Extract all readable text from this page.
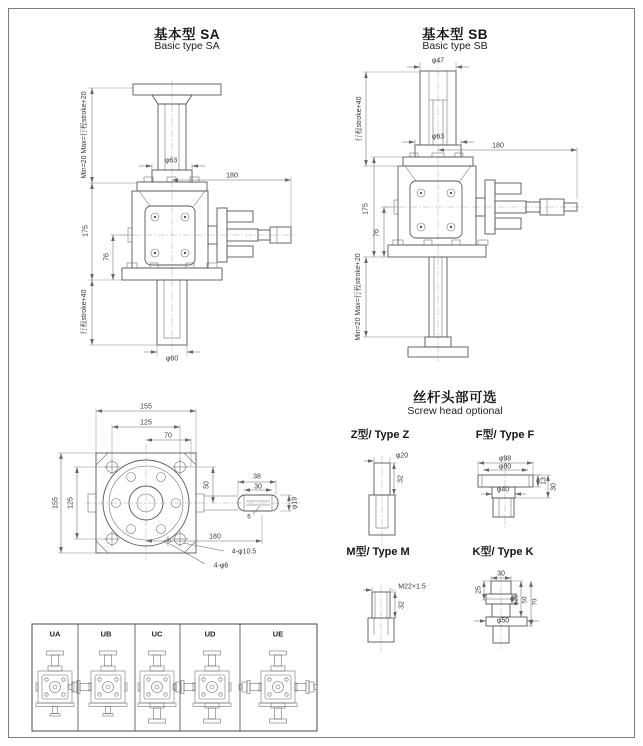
基本型 SA
Basic type SA
Min=20 Max=行程stroke+20	φ63
180
175
76
行程stroke+40
φ60
基本型 SB
Basic type SB
φ47
行程stroke+40	φ63
180
175
76
Min=20 Max=行程stroke+20
155
125
70
155 125
50
38
30
φ19
6
180
4-φ10.5
4-φ6
丝杆头部可选
Screw head optional
Z型/ Type Z	F型/ Type F
M型/ Type M	K型/ Type K
φ20
32
φ98
φ80
13
30
φ40
M22×1.5
32
30
25
φ25 50 70
φ50
UA	UB	UC	UD	UE
